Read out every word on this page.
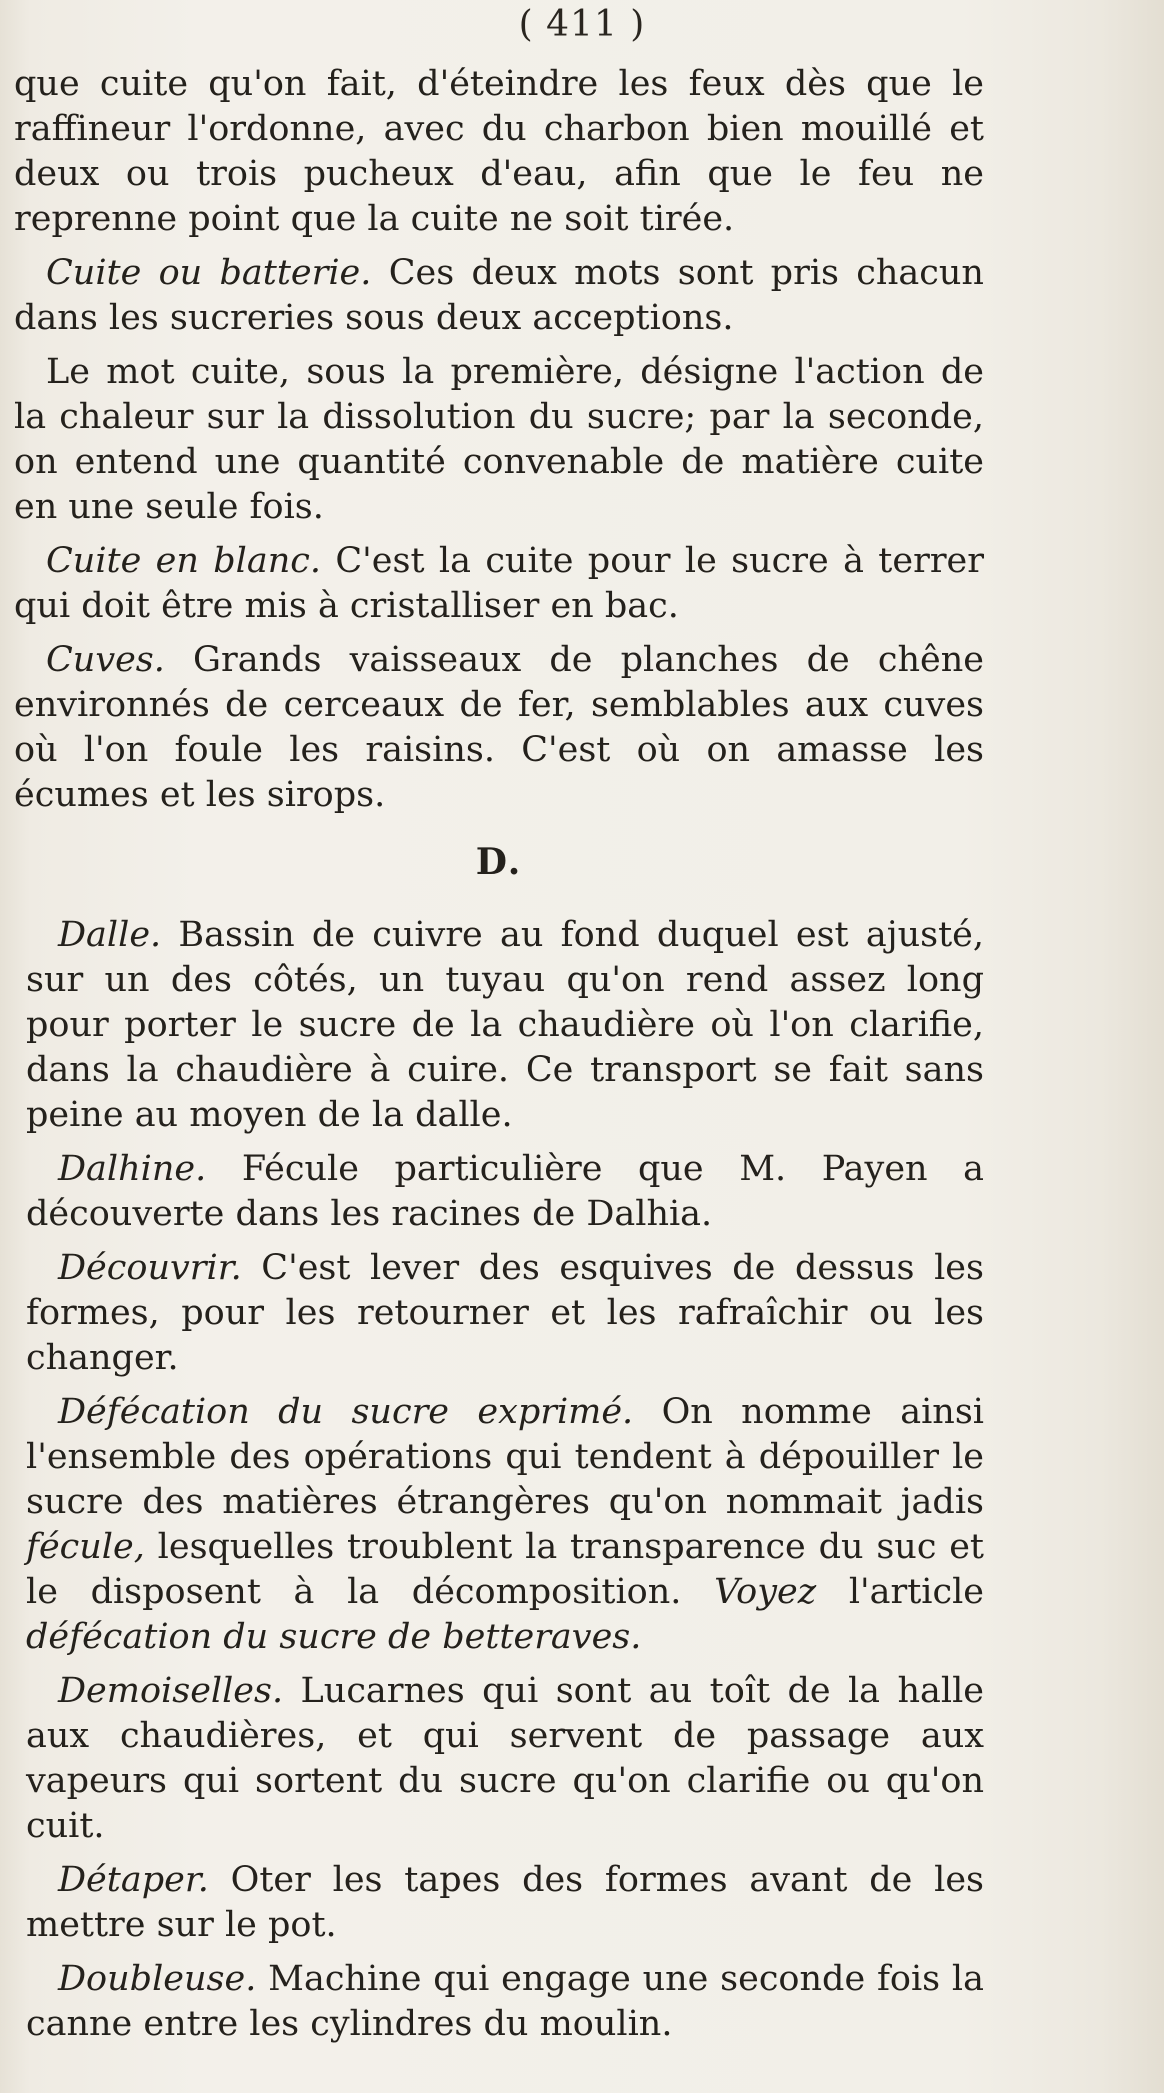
( 411 )

que cuite qu'on fait, d'éteindre les feux dès que le raffineur l'ordonne, avec du charbon bien mouillé et deux ou trois pucheux d'eau, afin que le feu ne reprenne point que la cuite ne soit tirée.

Cuite ou batterie. Ces deux mots sont pris chacun dans les sucreries sous deux acceptions.

Le mot cuite, sous la première, désigne l'action de la chaleur sur la dissolution du sucre; par la seconde, on entend une quantité convenable de matière cuite en une seule fois.

Cuite en blanc. C'est la cuite pour le sucre à terrer qui doit être mis à cristalliser en bac.

Cuves. Grands vaisseaux de planches de chêne environnés de cerceaux de fer, semblables aux cuves où l'on foule les raisins. C'est où on amasse les écumes et les sirops.

D.

Dalle. Bassin de cuivre au fond duquel est ajusté, sur un des côtés, un tuyau qu'on rend assez long pour porter le sucre de la chaudière où l'on clarifie, dans la chaudière à cuire. Ce transport se fait sans peine au moyen de la dalle.

Dalhine. Fécule particulière que M. Payen a découverte dans les racines de Dalhia.

Découvrir. C'est lever des esquives de dessus les formes, pour les retourner et les rafraîchir ou les changer.

Défécation du sucre exprimé. On nomme ainsi l'ensemble des opérations qui tendent à dépouiller le sucre des matières étrangères qu'on nommait jadis fécule, lesquelles troublent la transparence du suc et le disposent à la décomposition. Voyez l'article défécation du sucre de betteraves.

Demoiselles. Lucarnes qui sont au toît de la halle aux chaudières, et qui servent de passage aux vapeurs qui sortent du sucre qu'on clarifie ou qu'on cuit.

Détaper. Oter les tapes des formes avant de les mettre sur le pot.

Doubleuse. Machine qui engage une seconde fois la canne entre les cylindres du moulin.
